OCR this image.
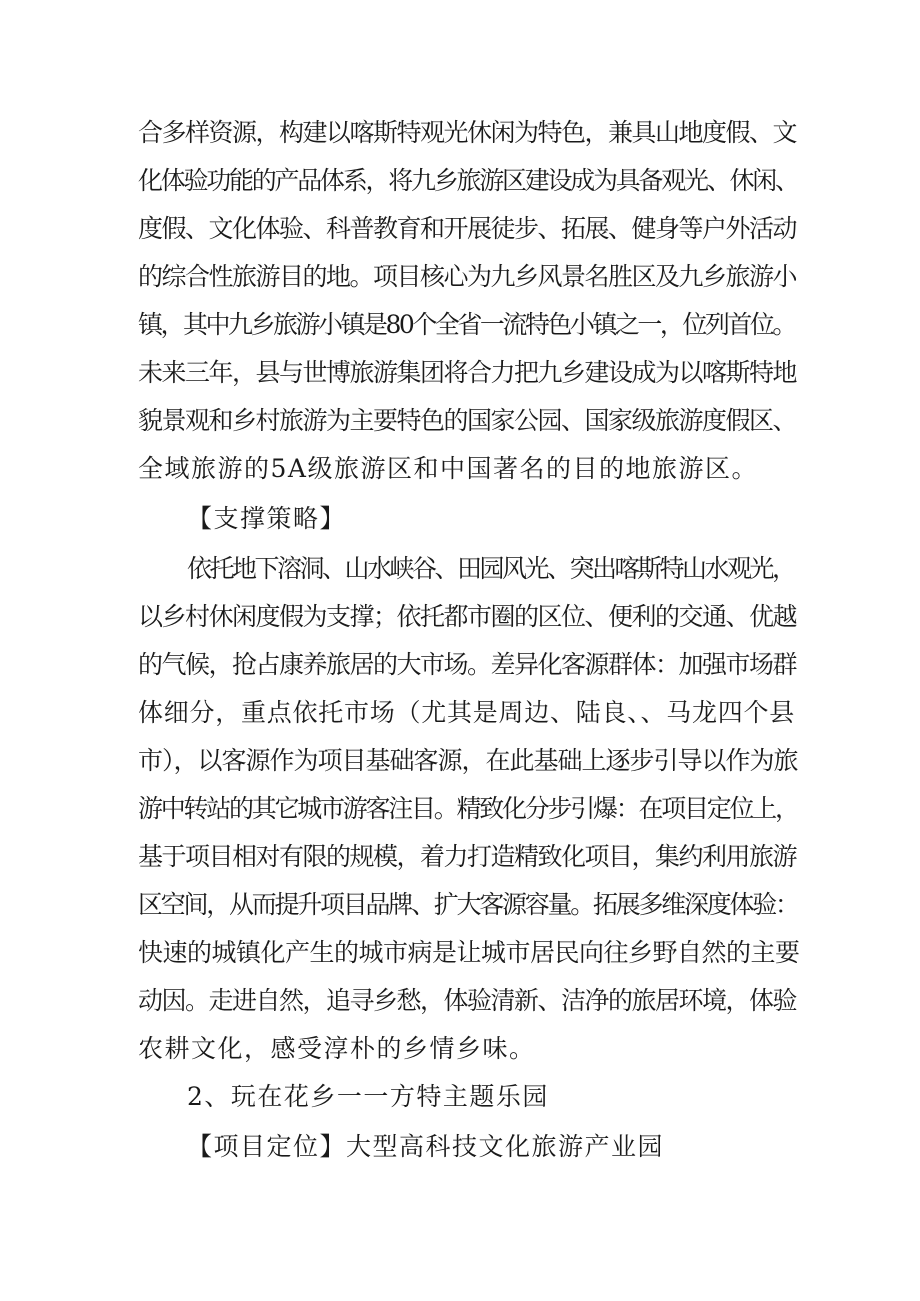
合多样资源，构建以喀斯特观光休闲为特色，兼具山地度假、文
化体验功能的产品体系，将九乡旅游区建设成为具备观光、休闲、
度假、文化体验、科普教育和开展徒步、拓展、健身等户外活动
的综合性旅游目的地。项目核心为九乡风景名胜区及九乡旅游小
镇，其中九乡旅游小镇是80个全省一流特色小镇之一，位列首位。
未来三年，县与世博旅游集团将合力把九乡建设成为以喀斯特地
貌景观和乡村旅游为主要特色的国家公园、国家级旅游度假区、
全域旅游的5A级旅游区和中国著名的目的地旅游区。
【支撑策略】
依托地下溶洞、山水峡谷、田园风光、突出喀斯特山水观光，
以乡村休闲度假为支撑；依托都市圈的区位、便利的交通、优越
的气候，抢占康养旅居的大市场。差异化客源群体：加强市场群
体细分，重点依托市场（尤其是周边、陆良、、马龙四个县
市），以客源作为项目基础客源，在此基础上逐步引导以作为旅
游中转站的其它城市游客注目。精致化分步引爆：在项目定位上，
基于项目相对有限的规模，着力打造精致化项目，集约利用旅游
区空间，从而提升项目品牌、扩大客源容量。拓展多维深度体验：
快速的城镇化产生的城市病是让城市居民向往乡野自然的主要
动因。走进自然，追寻乡愁，体验清新、洁净的旅居环境，体验
农耕文化，感受淳朴的乡情乡味。
2、玩在花乡一一方特主题乐园
【项目定位】大型高科技文化旅游产业园
